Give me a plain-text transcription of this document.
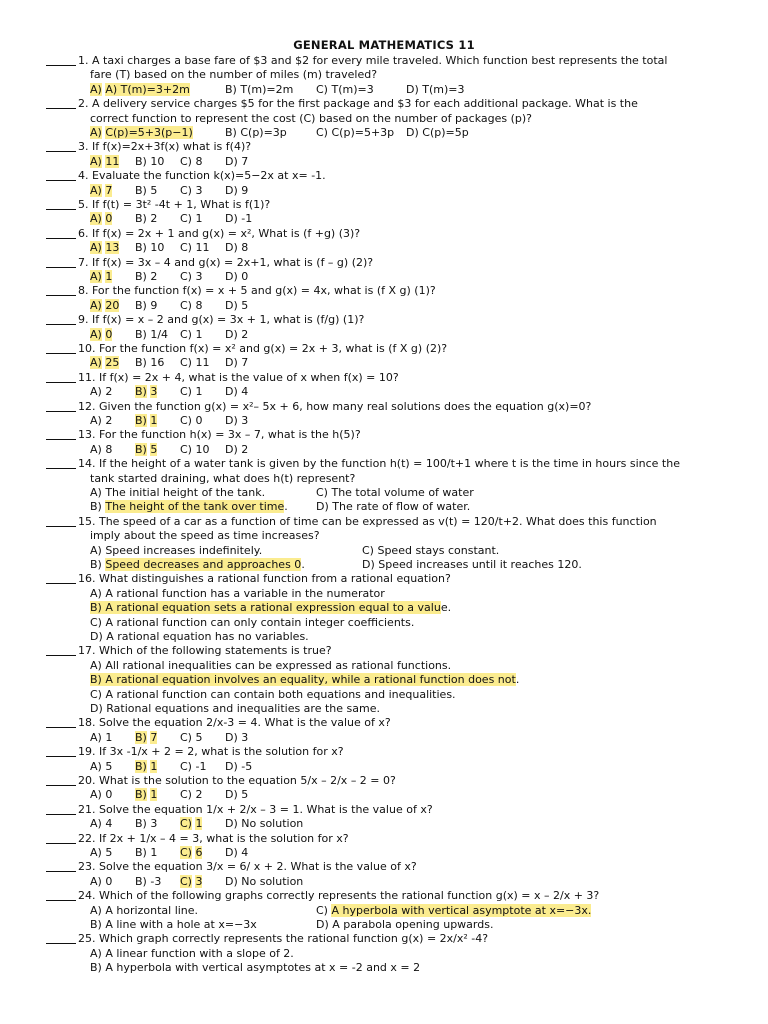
GENERAL MATHEMATICS 11
1. A taxi charges a base fare of $3 and $2 for every mile traveled. Which function best represents the total
fare (T) based on the number of miles (m) traveled?
A) A) T(m)=3+2m	B) T(m)=2m C) T(m)=3	D) T(m)=3
2. A delivery service charges $5 for the first package and $3 for each additional package. What is the
correct function to represent the cost (C) based on the number of packages (p)?
A) C(p)=5+3(p−1)	B) C(p)=3p	C) C(p)=5+3p D) C(p)=5p
3. If f(x)=2x+3f(x) what is f(4)?
A) 11 B) 10 C) 8 D) 7
4. Evaluate the function k(x)=5−2x at x= -1.
A) 7 B) 5 C) 3 D) 9
5. If f(t) = 3t² -4t + 1, What is f(1)?
A) 0 B) 2 C) 1 D) -1
6. If f(x) = 2x + 1 and g(x) = x², What is (f +g) (3)?
A) 13 B) 10 C) 11 D) 8
7. If f(x) = 3x – 4 and g(x) = 2x+1, what is (f – g) (2)?
A) 1 B) 2 C) 3 D) 0
8. For the function f(x) = x + 5 and g(x) = 4x, what is (f X g) (1)?
A) 20 B) 9 C) 8 D) 5
9. If f(x) = x – 2 and g(x) = 3x + 1, what is (f/g) (1)?
A) 0 B) 1/4 C) 1 D) 2
10. For the function f(x) = x² and g(x) = 2x + 3, what is (f X g) (2)?
A) 25 B) 16 C) 11 D) 7
11. If f(x) = 2x + 4, what is the value of x when f(x) = 10?
A) 2 B) 3 C) 1 D) 4
12. Given the function g(x) = x²– 5x + 6, how many real solutions does the equation g(x)=0?
A) 2 B) 1 C) 0 D) 3
13. For the function h(x) = 3x – 7, what is the h(5)?
A) 8 B) 5 C) 10 D) 2
14. If the height of a water tank is given by the function h(t) = 100/t+1 where t is the time in hours since the
tank started draining, what does h(t) represent?
A) The initial height of the tank.	C) The total volume of water
B) The height of the tank over time.	D) The rate of flow of water.
15. The speed of a car as a function of time can be expressed as v(t) = 120/t+2. What does this function
imply about the speed as time increases?
A) Speed increases indefinitely.	C) Speed stays constant.
B) Speed decreases and approaches 0.	D) Speed increases until it reaches 120.
16. What distinguishes a rational function from a rational equation?
A) A rational function has a variable in the numerator
B) A rational equation sets a rational expression equal to a value.
C) A rational function can only contain integer coefficients.
D) A rational equation has no variables.
17. Which of the following statements is true?
A) All rational inequalities can be expressed as rational functions.
B) A rational equation involves an equality, while a rational function does not.
C) A rational function can contain both equations and inequalities.
D) Rational equations and inequalities are the same.
18. Solve the equation 2/x-3 = 4. What is the value of x?
A) 1 B) 7 C) 5 D) 3
19. If 3x -1/x + 2 = 2, what is the solution for x?
A) 5 B) 1 C) -1 D) -5
20. What is the solution to the equation 5/x – 2/x – 2 = 0?
A) 0 B) 1 C) 2 D) 5
21. Solve the equation 1/x + 2/x – 3 = 1. What is the value of x?
A) 4 B) 3 C) 1 D) No solution
22. If 2x + 1/x – 4 = 3, what is the solution for x?
A) 5 B) 1 C) 6 D) 4
23. Solve the equation 3/x = 6/ x + 2. What is the value of x?
A) 0 B) -3 C) 3 D) No solution
24. Which of the following graphs correctly represents the rational function g(x) = x – 2/x + 3?
A) A horizontal line.	C) A hyperbola with vertical asymptote at x=−3x.
B) A line with a hole at x=−3x	D) A parabola opening upwards.
25. Which graph correctly represents the rational function g(x) = 2x/x² -4?
A) A linear function with a slope of 2.
B) A hyperbola with vertical asymptotes at x = -2 and x = 2
